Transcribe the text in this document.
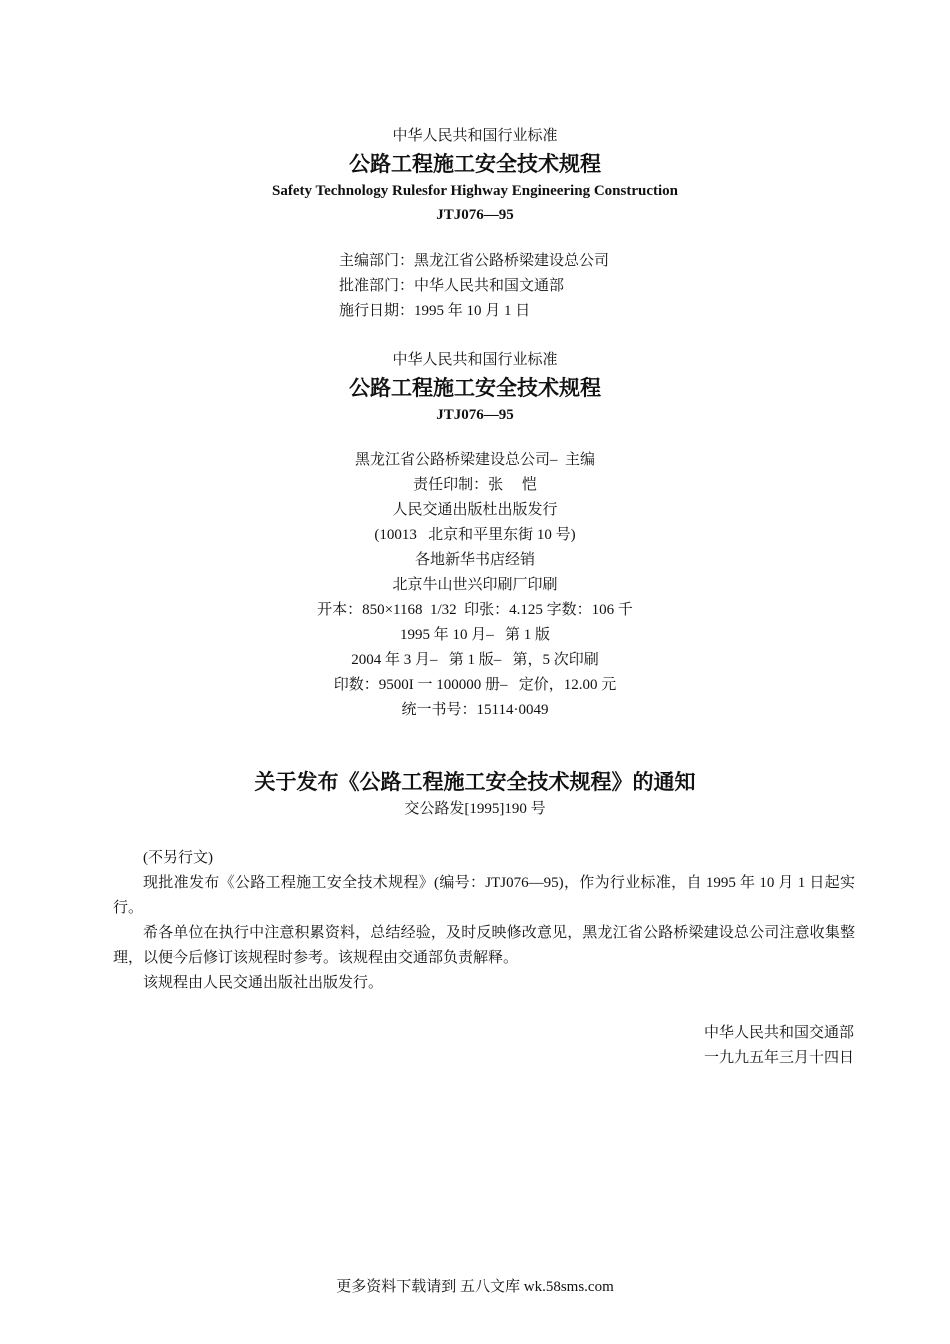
中华人民共和国行业标准
公路工程施工安全技术规程
Safety Technology Rulesfor Highway Engineering Construction
JTJ076—95
主编部门：黑龙江省公路桥梁建设总公司
批准部门：中华人民共和国文通部
施行日期：1995 年 10 月 1 日
中华人民共和国行业标准
公路工程施工安全技术规程
JTJ076—95
黑龙江省公路桥梁建设总公司–  主编
责任印制：张     恺
人民交通出版杜出版发行
(10013   北京和平里东街 10 号)
各地新华书店经销
北京牛山世兴印刷厂印刷
开本：850×1168  1/32  印张：4.125 字数：106 千
1995 年 10 月–   第 1 版
2004 年 3 月–   第 1 版–   第，5 次印刷
印数：9500I 一 100000 册–   定价，12.00 元
统一书号：15114·0049
关于发布《公路工程施工安全技术规程》的通知
交公路发[1995]190 号

(不另行文)

现批准发布《公路工程施工安全技术规程》(编号：JTJ076—95)，作为行业标准，自 1995 年 10 月 1 日起实行。

希各单位在执行中注意积累资料，总结经验，及时反映修改意见，黑龙江省公路桥梁建设总公司注意收集整理，以便今后修订该规程时参考。该规程由交通部负责解释。

该规程由人民交通出版社出版发行。

中华人民共和国交通部
一九九五年三月十四日
更多资料下载请到 五八文库 wk.58sms.com
